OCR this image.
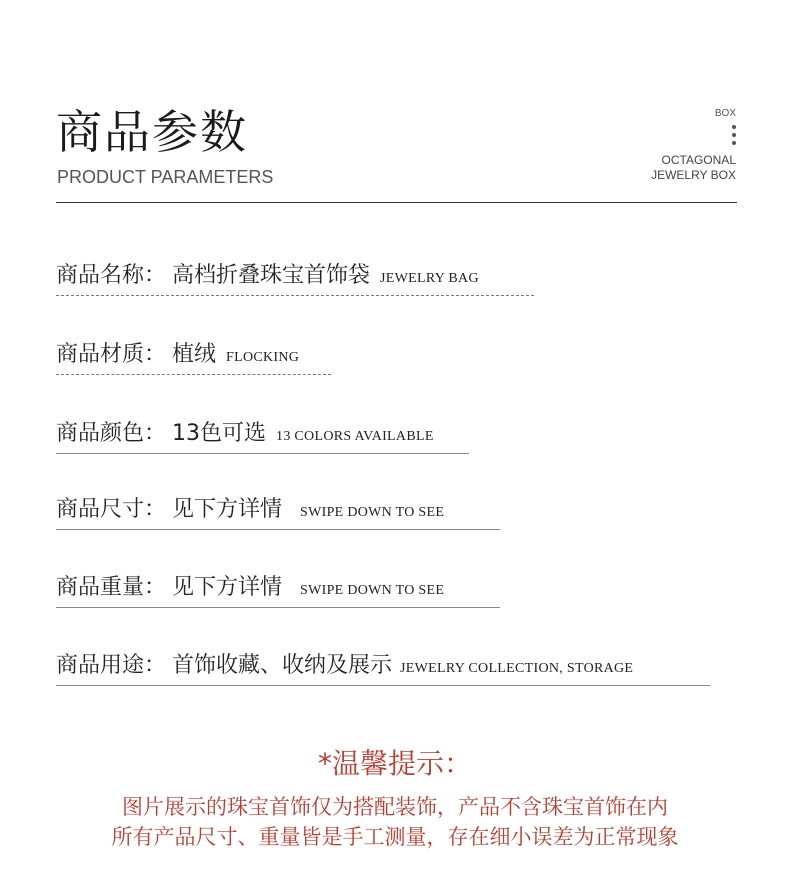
商品参数
PRODUCT PARAMETERS
BOX
OCTAGONAL
JEWELRY BOX
商品名称： 高档折叠珠宝首饰袋 JEWELRY BAG
商品材质： 植绒 FLOCKING
商品颜色： 13色可选 13 COLORS AVAILABLE
商品尺寸： 见下方详情 SWIPE DOWN TO SEE
商品重量： 见下方详情 SWIPE DOWN TO SEE
商品用途： 首饰收藏、收纳及展示 JEWELRY COLLECTION, STORAGE
*温馨提示：
图片展示的珠宝首饰仅为搭配装饰，产品不含珠宝首饰在内
所有产品尺寸、重量皆是手工测量，存在细小误差为正常现象
